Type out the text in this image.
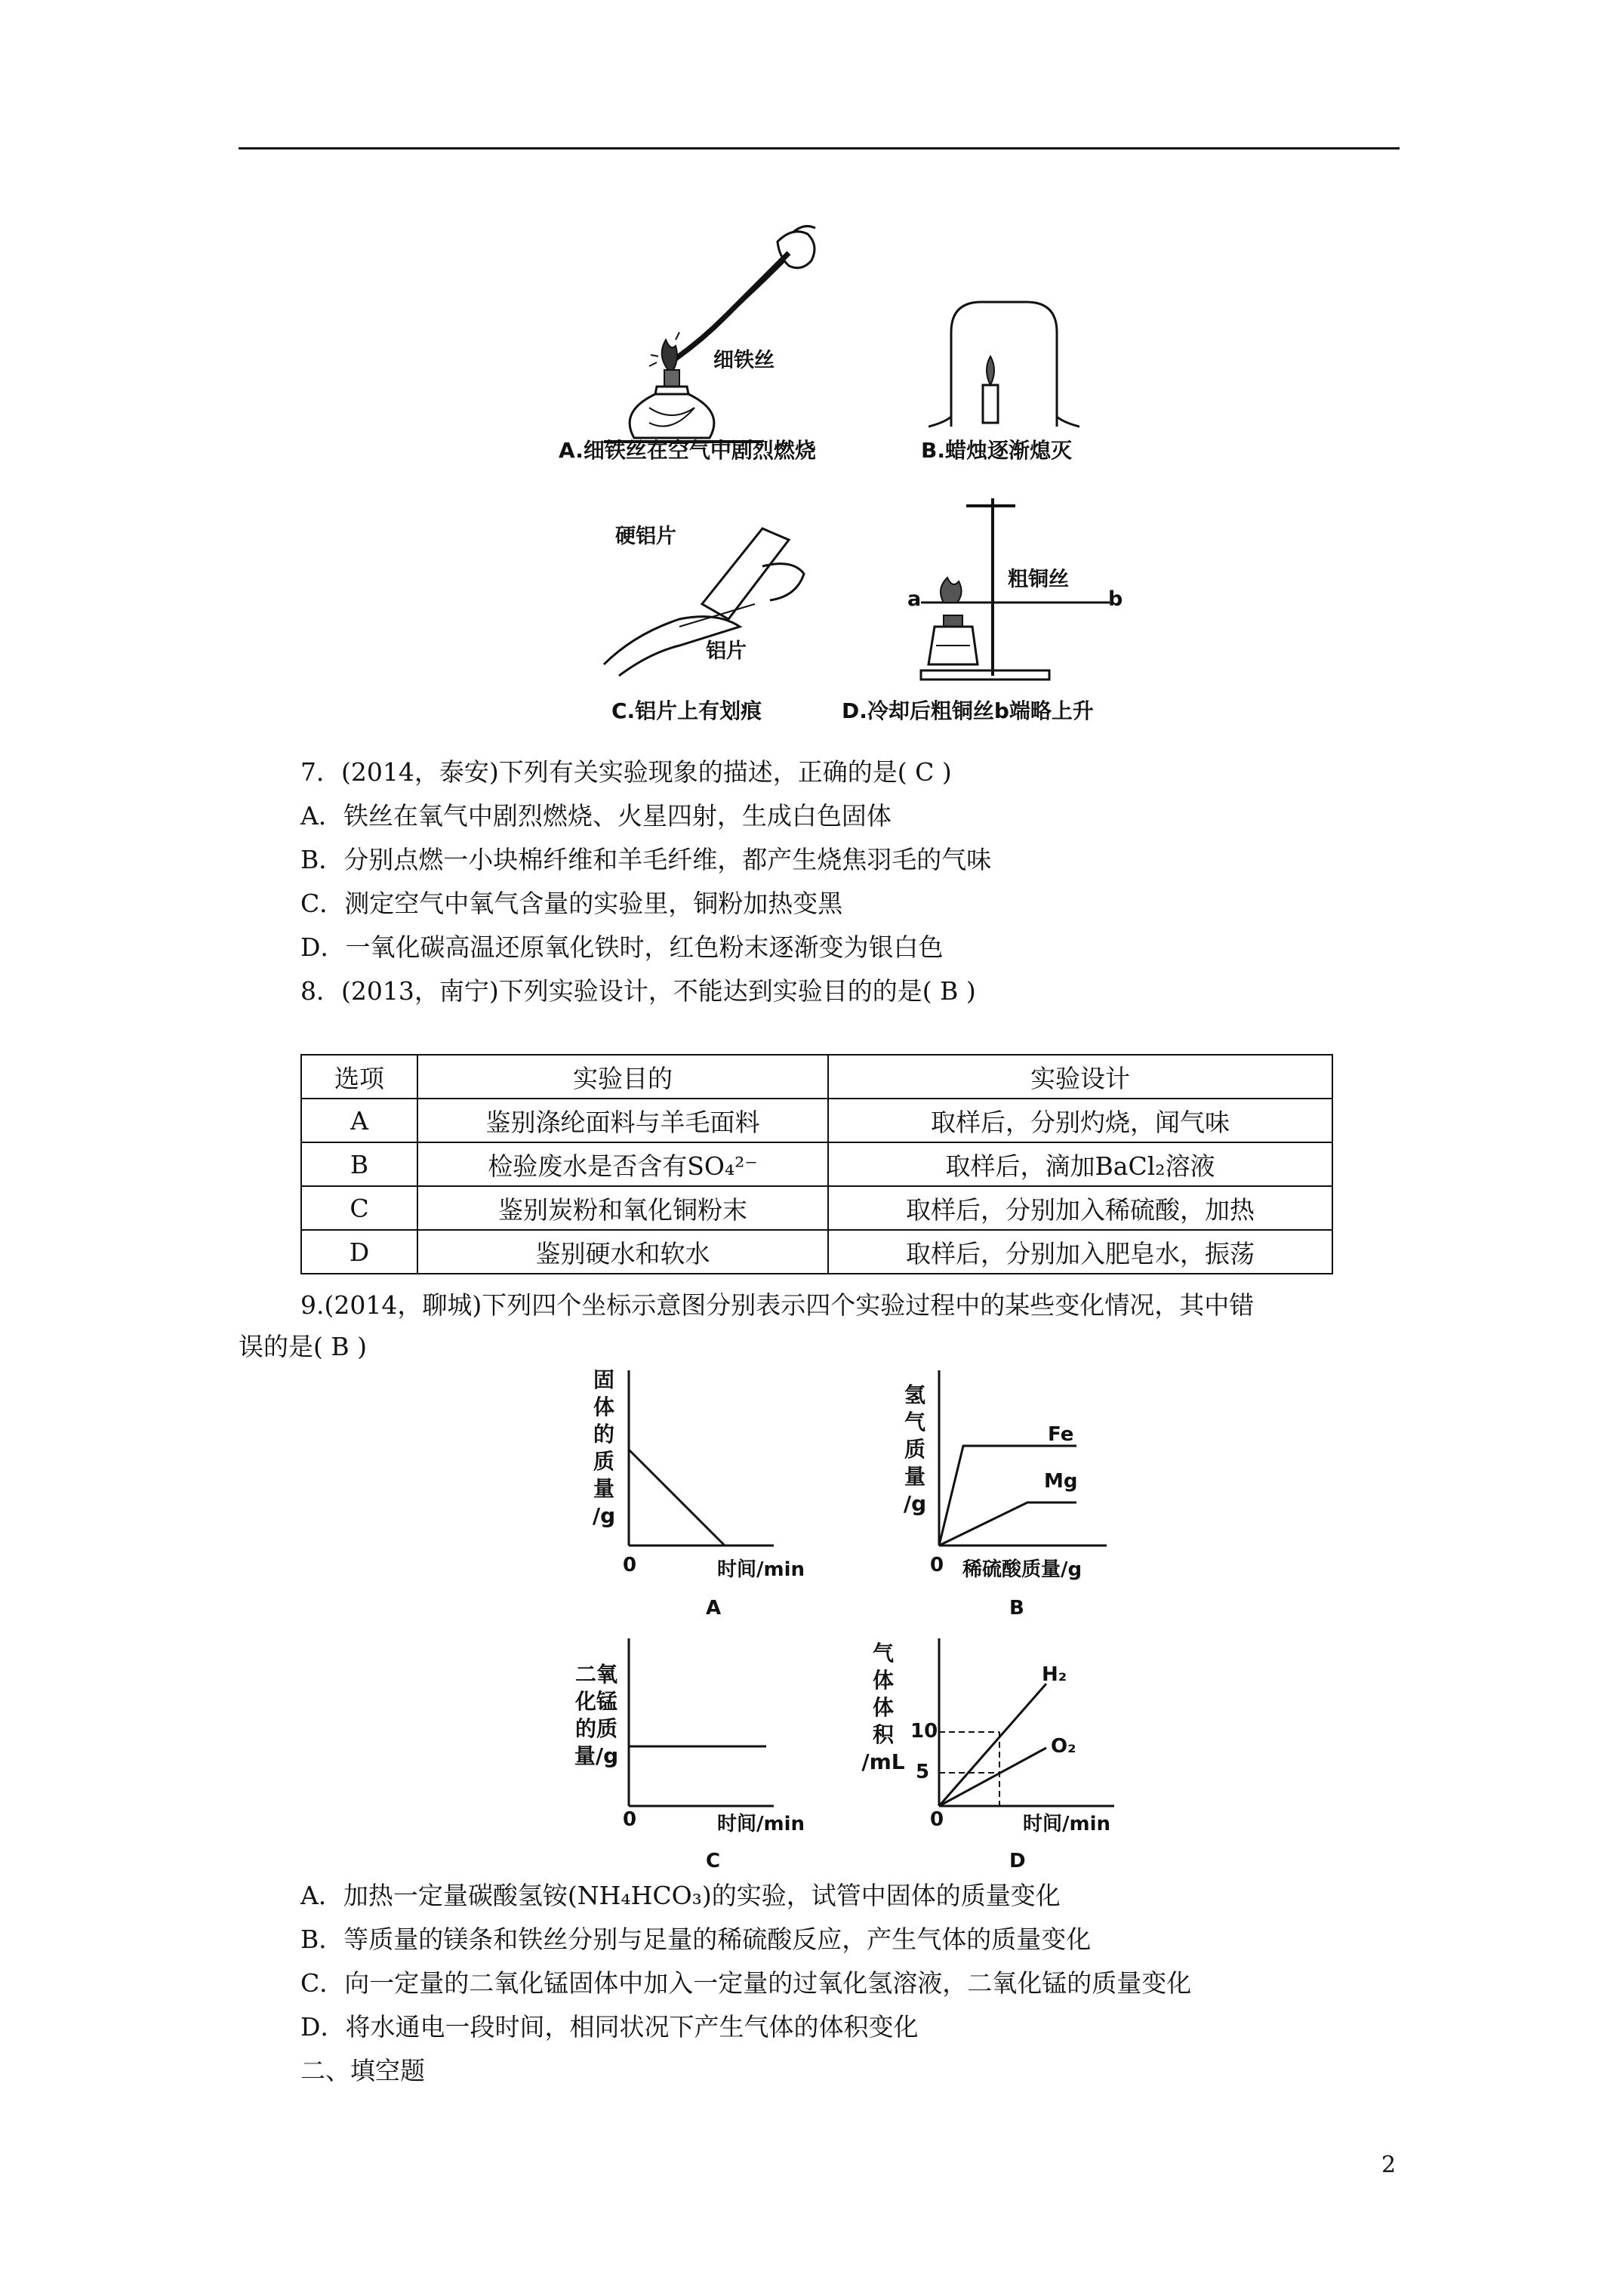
细铁丝
A.细铁丝在空气中剧烈燃烧	B.蜡烛逐渐熄灭
硬铝片
铝片
C.铝片上有划痕
粗铜丝
a	b
D.冷却后粗铜丝b端略上升
7．(2014，泰安)下列有关实验现象的描述，正确的是( C )
A．铁丝在氧气中剧烈燃烧、火星四射，生成白色固体
B．分别点燃一小块棉纤维和羊毛纤维，都产生烧焦羽毛的气味
C．测定空气中氧气含量的实验里，铜粉加热变黑
D．一氧化碳高温还原氧化铁时，红色粉末逐渐变为银白色
8．(2013，南宁)下列实验设计，不能达到实验目的的是( B )
选项	实验目的	实验设计
A	鉴别涤纶面料与羊毛面料	取样后，分别灼烧，闻气味
B	检验废水是否含有SO₄²⁻	取样后，滴加BaCl₂溶液
C	鉴别炭粉和氧化铜粉末	取样后，分别加入稀硫酸，加热
D	鉴别硬水和软水	取样后，分别加入肥皂水，振荡
9.(2014，聊城)下列四个坐标示意图分别表示四个实验过程中的某些变化情况，其中错
误的是( B )
固
体
的
质
量
/g
0	时间/min
A
氢
气
质
量
/g
Fe
Mg
0 稀硫酸质量/g
B
二氧
化锰
的质
量/g
0	时间/min
C
气
体
体
积
/mL
10
5
H₂
O₂
0	时间/min
D
A．加热一定量碳酸氢铵(NH₄HCO₃)的实验，试管中固体的质量变化
B．等质量的镁条和铁丝分别与足量的稀硫酸反应，产生气体的质量变化
C．向一定量的二氧化锰固体中加入一定量的过氧化氢溶液，二氧化锰的质量变化
D．将水通电一段时间，相同状况下产生气体的体积变化
二、填空题
2
